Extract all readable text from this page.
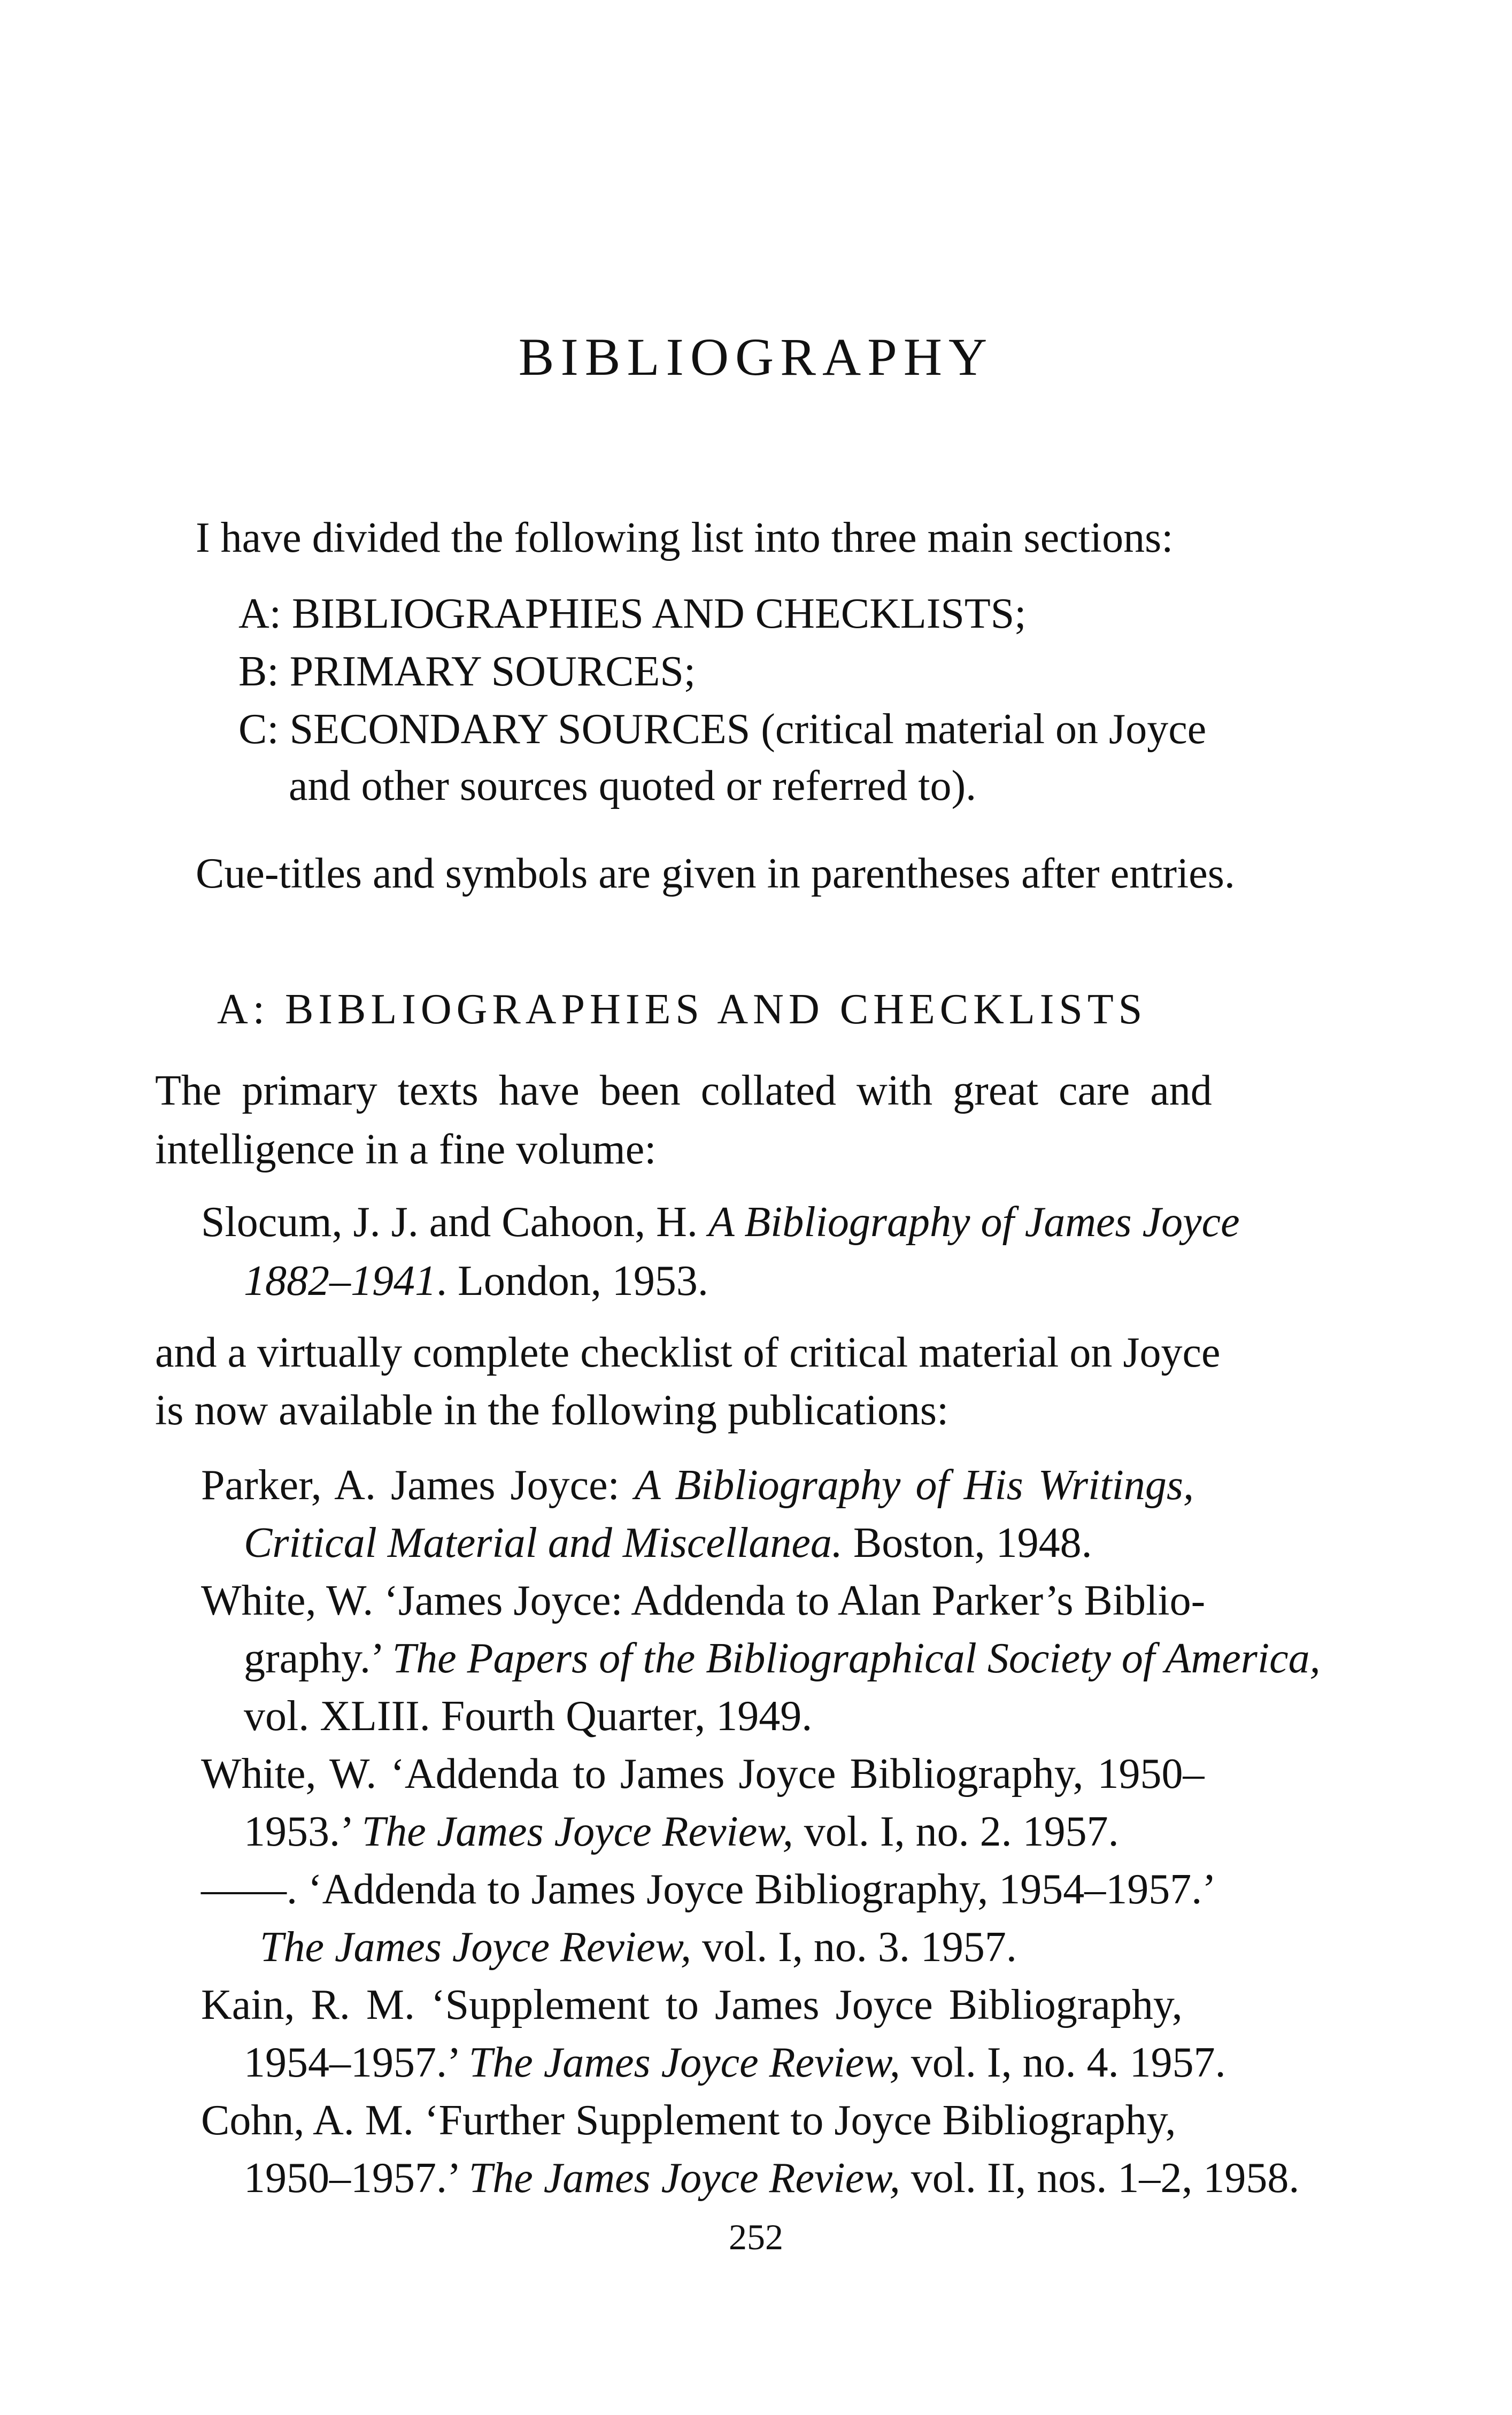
BIBLIOGRAPHY
I have divided the following list into three main sections:
A: BIBLIOGRAPHIES AND CHECKLISTS;
B: PRIMARY SOURCES;
C: SECONDARY SOURCES (critical material on Joyce
and other sources quoted or referred to).
Cue-titles and symbols are given in parentheses after entries.
A: BIBLIOGRAPHIES AND CHECKLISTS
The primary texts have been collated with great care and
intelligence in a fine volume:
Slocum, J. J. and Cahoon, H. A Bibliography of James Joyce
1882–1941. London, 1953.
and a virtually complete checklist of critical material on Joyce
is now available in the following publications:
Parker, A. James Joyce: A Bibliography of His Writings,
Critical Material and Miscellanea. Boston, 1948.
White, W. ‘James Joyce: Addenda to Alan Parker’s Biblio-
graphy.’ The Papers of the Bibliographical Society of America,
vol. XLIII. Fourth Quarter, 1949.
White, W. ‘Addenda to James Joyce Bibliography, 1950–
1953.’ The James Joyce Review, vol. I, no. 2. 1957.
——. ‘Addenda to James Joyce Bibliography, 1954–1957.’
The James Joyce Review, vol. I, no. 3. 1957.
Kain, R. M. ‘Supplement to James Joyce Bibliography,
1954–1957.’ The James Joyce Review, vol. I, no. 4. 1957.
Cohn, A. M. ‘Further Supplement to Joyce Bibliography,
1950–1957.’ The James Joyce Review, vol. II, nos. 1–2, 1958.
252
